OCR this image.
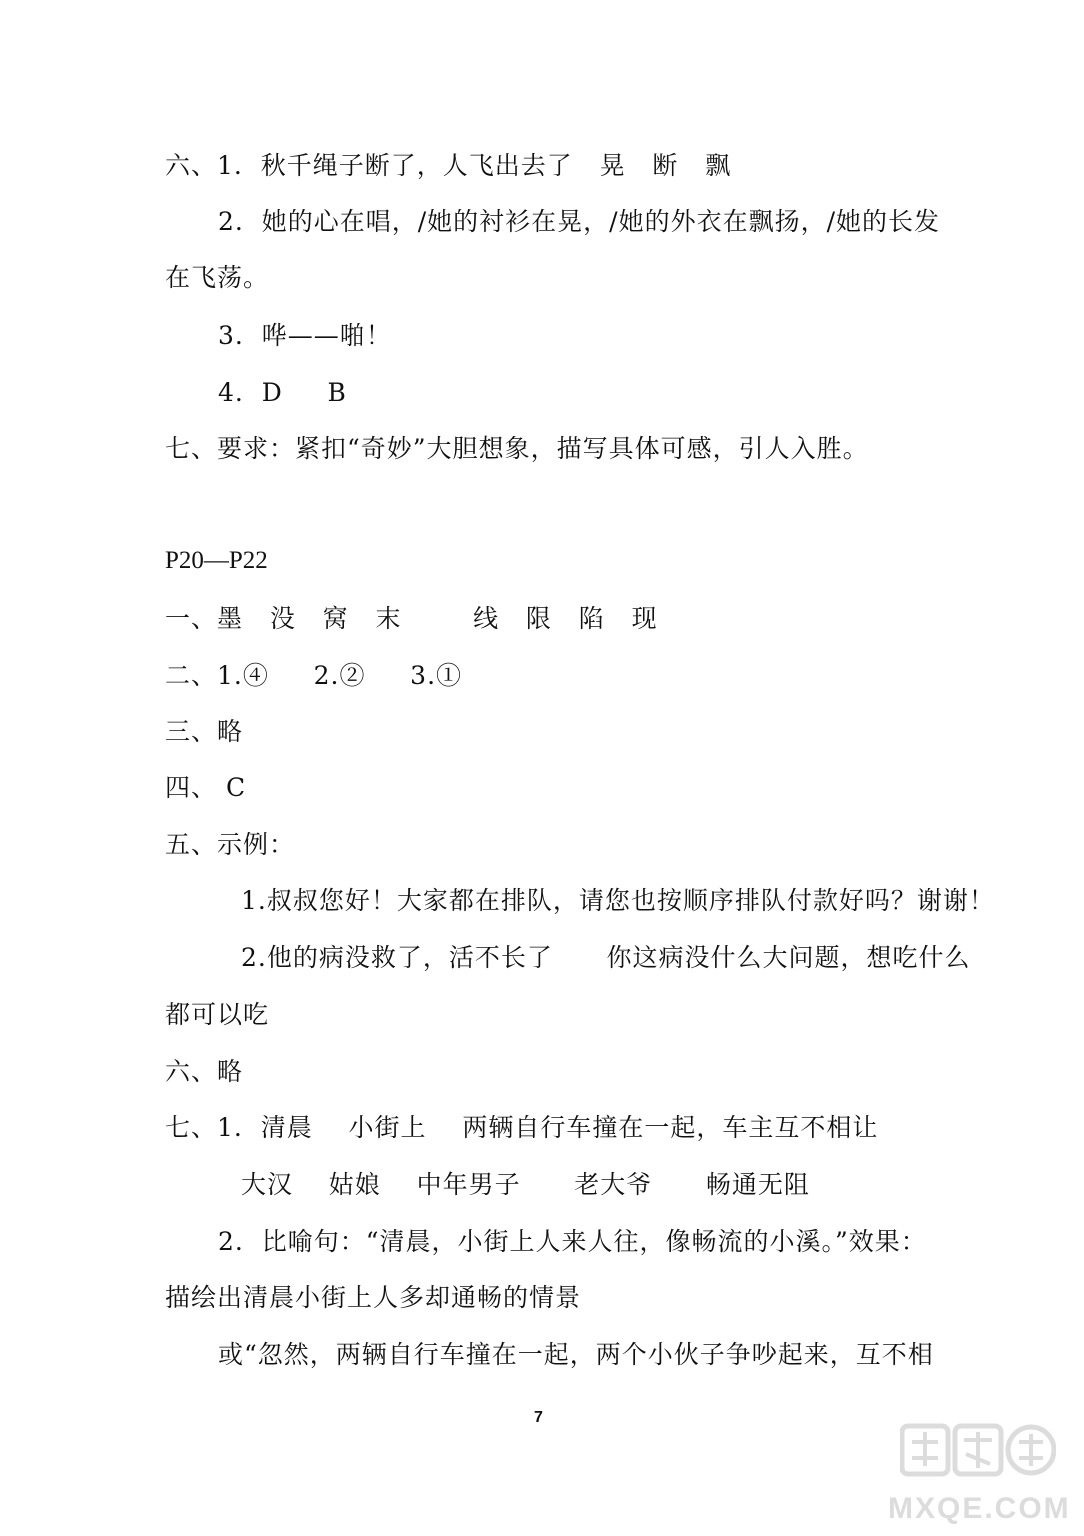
六、1.  秋千绳子断了，人飞出去了   晃   断   飘
2.  她的心在唱，/她的衬衫在晃，/她的外衣在飘扬，/她的长发
在飞荡。
3.  哗——啪！
4.  D     B
七、要求：紧扣“奇妙”大胆想象，描写具体可感，引人入胜。
P20—P22
一、墨   没   窝   末        线   限   陷   现
二、1.④     2.②     3.①
三、略
四、 C
五、示例：
1.叔叔您好！大家都在排队，请您也按顺序排队付款好吗？谢谢！
2.他的病没救了，活不长了      你这病没什么大问题，想吃什么
都可以吃
六、略
七、1.  清晨    小街上    两辆自行车撞在一起，车主互不相让
大汉    姑娘    中年男子      老大爷      畅通无阻
2.  比喻句：“清晨，小街上人来人往，像畅流的小溪。”效果：
描绘出清晨小街上人多却通畅的情景
或“忽然，两辆自行车撞在一起，两个小伙子争吵起来，互不相
7
MXQE.COM
